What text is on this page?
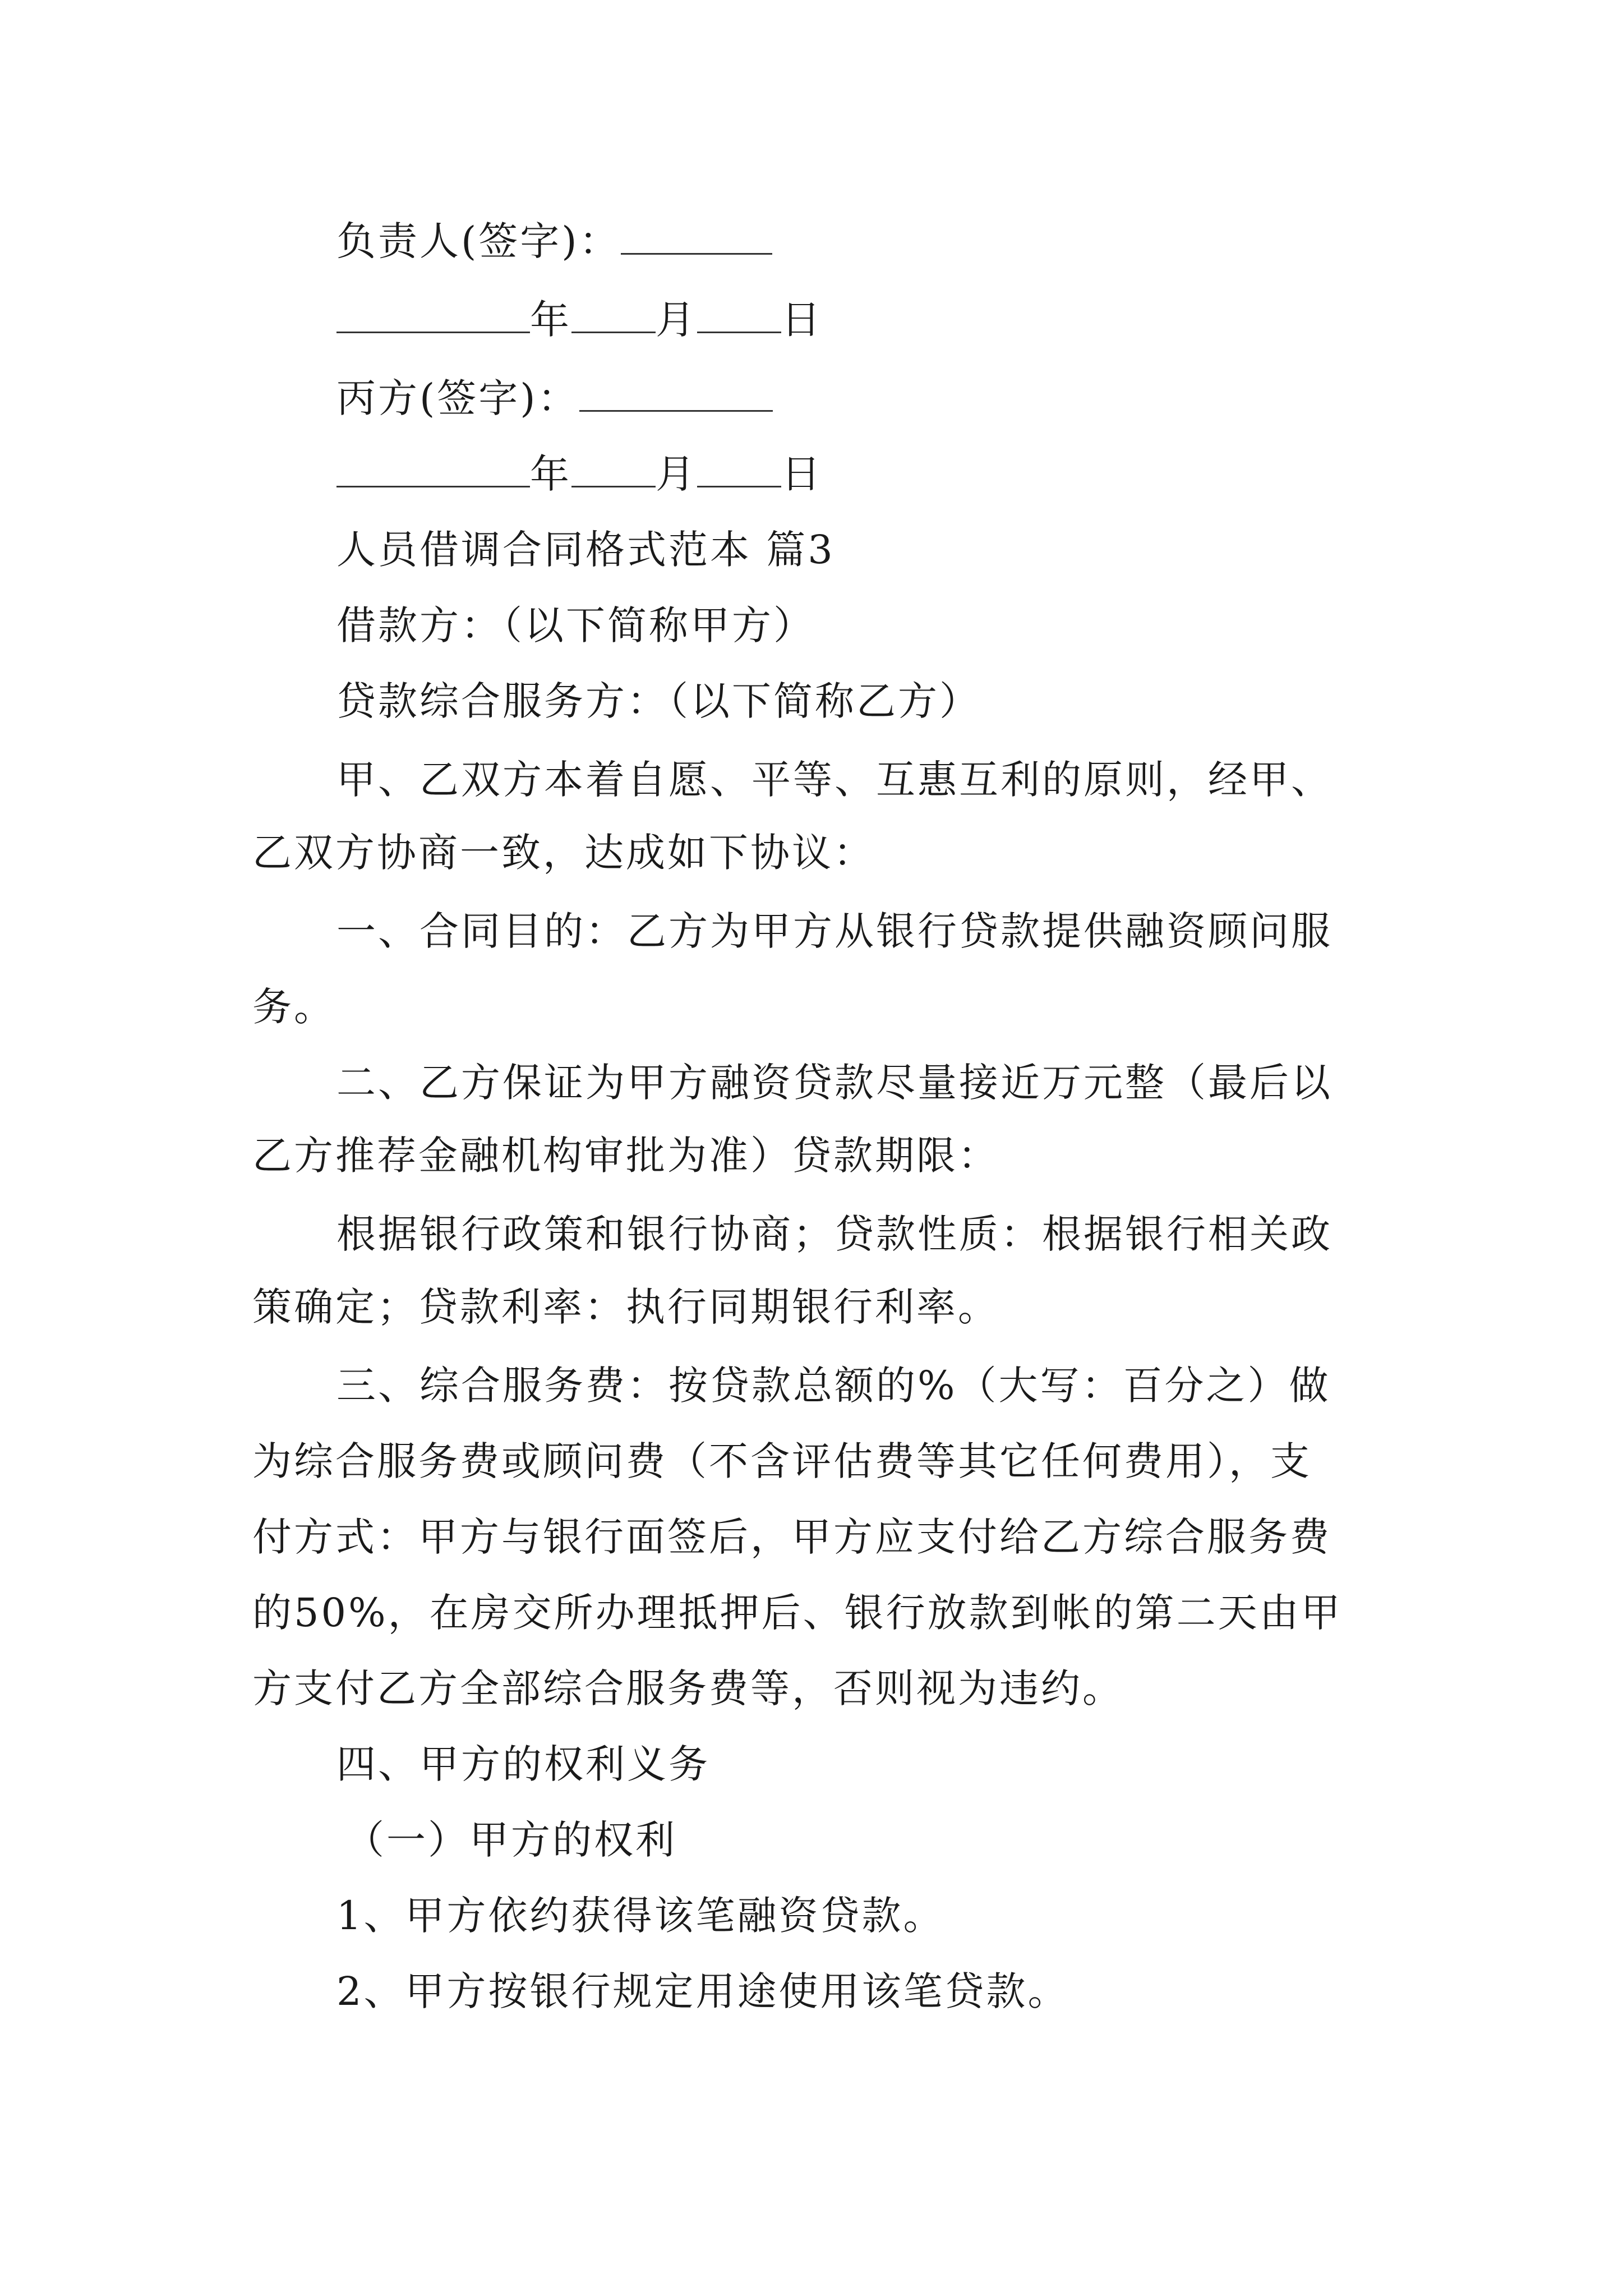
负责人(签字)：
年 月 日
丙方(签字)：
年 月 日
人员借调合同格式范本 篇3
借款方：（以下简称甲方）
贷款综合服务方：（以下简称乙方）
甲、乙双方本着自愿、平等、互惠互利的原则，经甲、
乙双方协商一致，达成如下协议：
一、合同目的：乙方为甲方从银行贷款提供融资顾问服
务。
二、乙方保证为甲方融资贷款尽量接近万元整（最后以
乙方推荐金融机构审批为准）贷款期限：
根据银行政策和银行协商；贷款性质：根据银行相关政
策确定；贷款利率：执行同期银行利率。
三、综合服务费：按贷款总额的%（大写：百分之）做
为综合服务费或顾问费（不含评估费等其它任何费用），支
付方式：甲方与银行面签后，甲方应支付给乙方综合服务费
的50%，在房交所办理抵押后、银行放款到帐的第二天由甲
方支付乙方全部综合服务费等，否则视为违约。
四、甲方的权利义务
（一）甲方的权利
1、甲方依约获得该笔融资贷款。
2、甲方按银行规定用途使用该笔贷款。
